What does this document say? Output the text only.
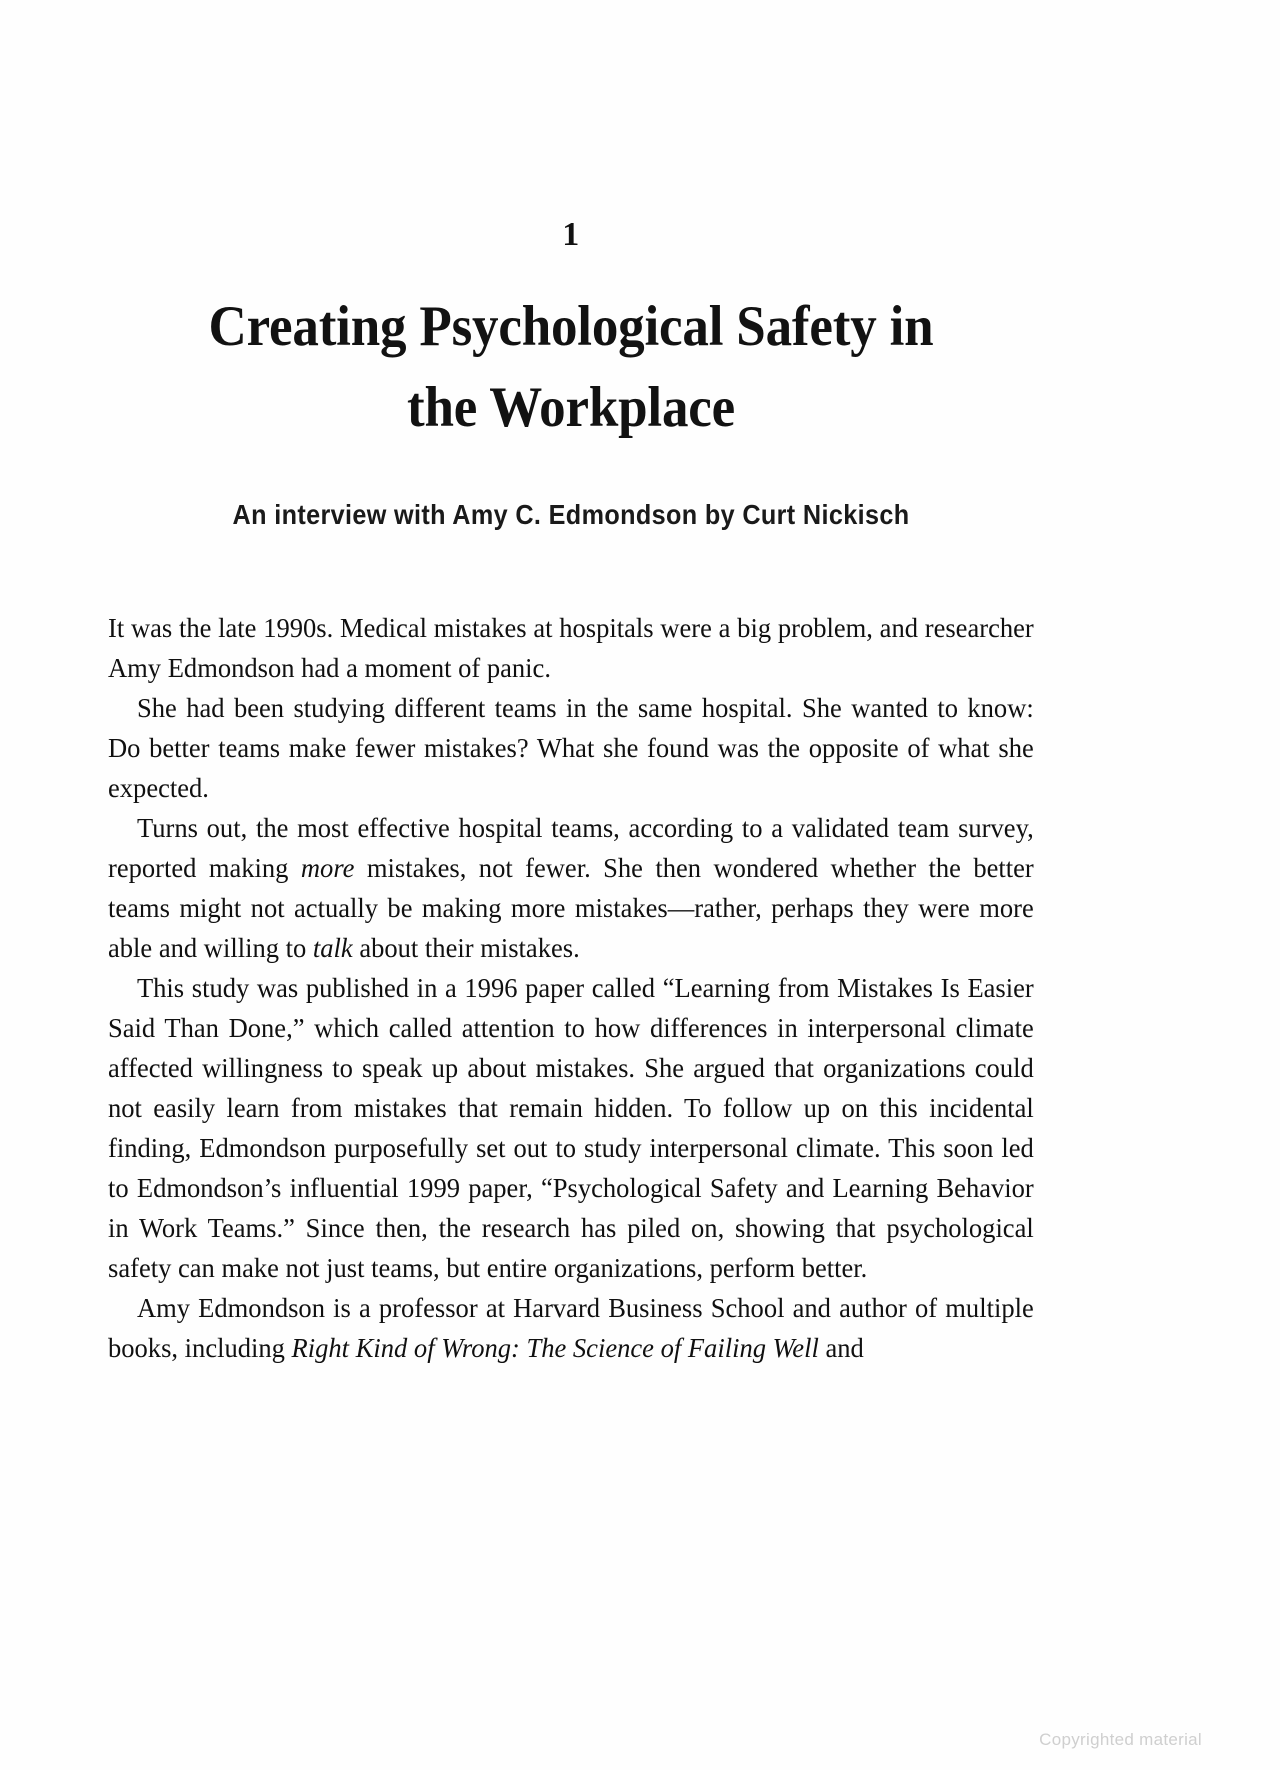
1
Creating Psychological Safety in
the Workplace
An interview with Amy C. Edmondson by Curt Nickisch

It was the late 1990s. Medical mistakes at hospitals were a big problem, and researcher Amy Edmondson had a moment of panic.

She had been studying different teams in the same hospital. She wanted to know: Do better teams make fewer mistakes? What she found was the opposite of what she expected.

Turns out, the most effective hospital teams, according to a validated team survey, reported making more mistakes, not fewer. She then wondered whether the better teams might not actually be making more mistakes—rather, perhaps they were more able and willing to talk about their mistakes.

This study was published in a 1996 paper called “Learning from Mistakes Is Easier Said Than Done,” which called attention to how differences in interpersonal climate affected willingness to speak up about mistakes. She argued that organizations could not easily learn from mistakes that remain hidden. To follow up on this incidental finding, Edmondson purposefully set out to study interpersonal climate. This soon led to Edmondson’s influential 1999 paper, “Psychological Safety and Learning Behavior in Work Teams.” Since then, the research has piled on, showing that psychological safety can make not just teams, but entire organizations, perform better.

Amy Edmondson is a professor at Harvard Business School and author of multiple books, including Right Kind of Wrong: The Science of Failing Well and

Copyrighted material
